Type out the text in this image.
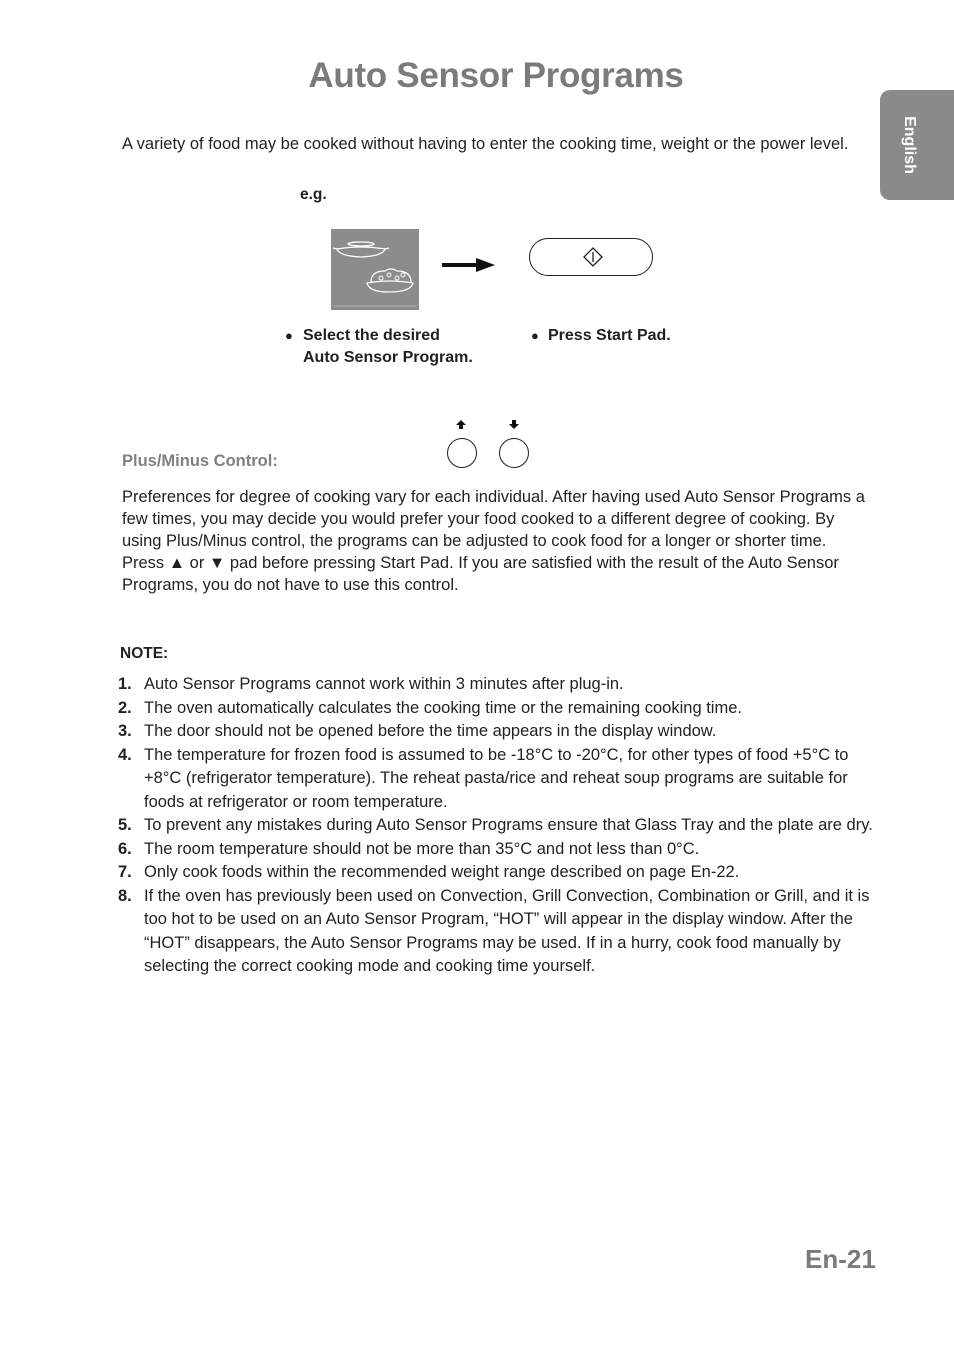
Auto Sensor Programs
English
A variety of food may be cooked without having to enter the cooking time, weight or the power level.
e.g.
● Select the desired
Auto Sensor Program.
● Press Start Pad.
Plus/Minus Control:
Preferences for degree of cooking vary for each individual. After having used Auto Sensor Programs a few times, you may decide you would prefer your food cooked to a different degree of cooking. By using Plus/Minus control, the programs can be adjusted to cook food for a longer or shorter time. Press ▲ or ▼ pad before pressing Start Pad. If you are satisfied with the result of the Auto Sensor Programs, you do not have to use this control.
NOTE:
1. Auto Sensor Programs cannot work within 3 minutes after plug-in.
2. The oven automatically calculates the cooking time or the remaining cooking time.
3. The door should not be opened before the time appears in the display window.
4. The temperature for frozen food is assumed to be -18°C to -20°C, for other types of food +5°C to +8°C (refrigerator temperature). The reheat pasta/rice and reheat soup programs are suitable for foods at refrigerator or room temperature.
5. To prevent any mistakes during Auto Sensor Programs ensure that Glass Tray and the plate are dry.
6. The room temperature should not be more than 35°C and not less than 0°C.
7. Only cook foods within the recommended weight range described on page En-22.
8. If the oven has previously been used on Convection, Grill Convection, Combination or Grill, and it is too hot to be used on an Auto Sensor Program, “HOT” will appear in the display window. After the “HOT” disappears, the Auto Sensor Programs may be used. If in a hurry, cook food manually by selecting the correct cooking mode and cooking time yourself.
En-21
